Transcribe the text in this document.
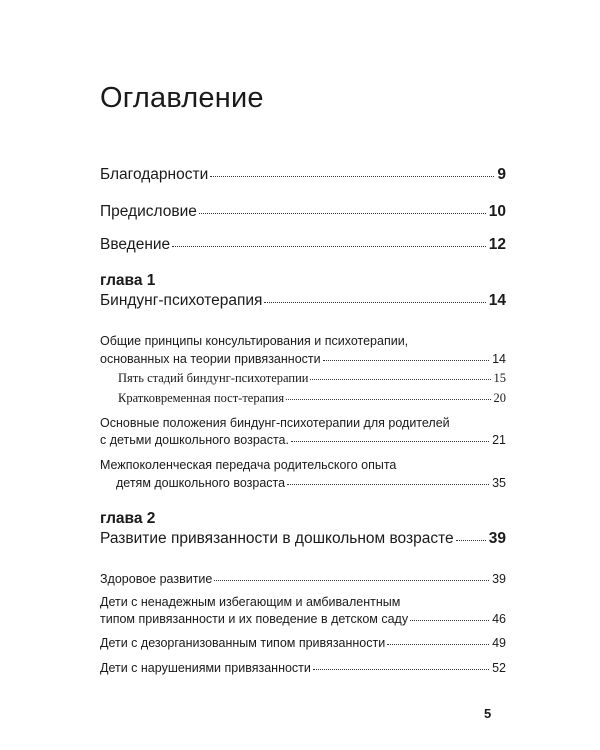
Оглавление
Благодарности	9
Предисловие	10
Введение	12
глава 1
Биндунг-психотерапия	14
Общие принципы консультирования и психотерапии,
основанных на теории привязанности	14
Пять стадий биндунг-психотерапии	15
Кратковременная пост-терапия	20
Основные положения биндунг-психотерапии для родителей
с детьми дошкольного возраста.	21
Межпоколенческая передача родительского опыта
детям дошкольного возраста	35
глава 2
Развитие привязанности в дошкольном возрасте 39
Здоровое развитие	39
Дети с ненадежным избегающим и амбивалентным
типом привязанности и их поведение в детском саду	46
Дети с дезорганизованным типом привязанности	49
Дети с нарушениями привязанности	52
5
